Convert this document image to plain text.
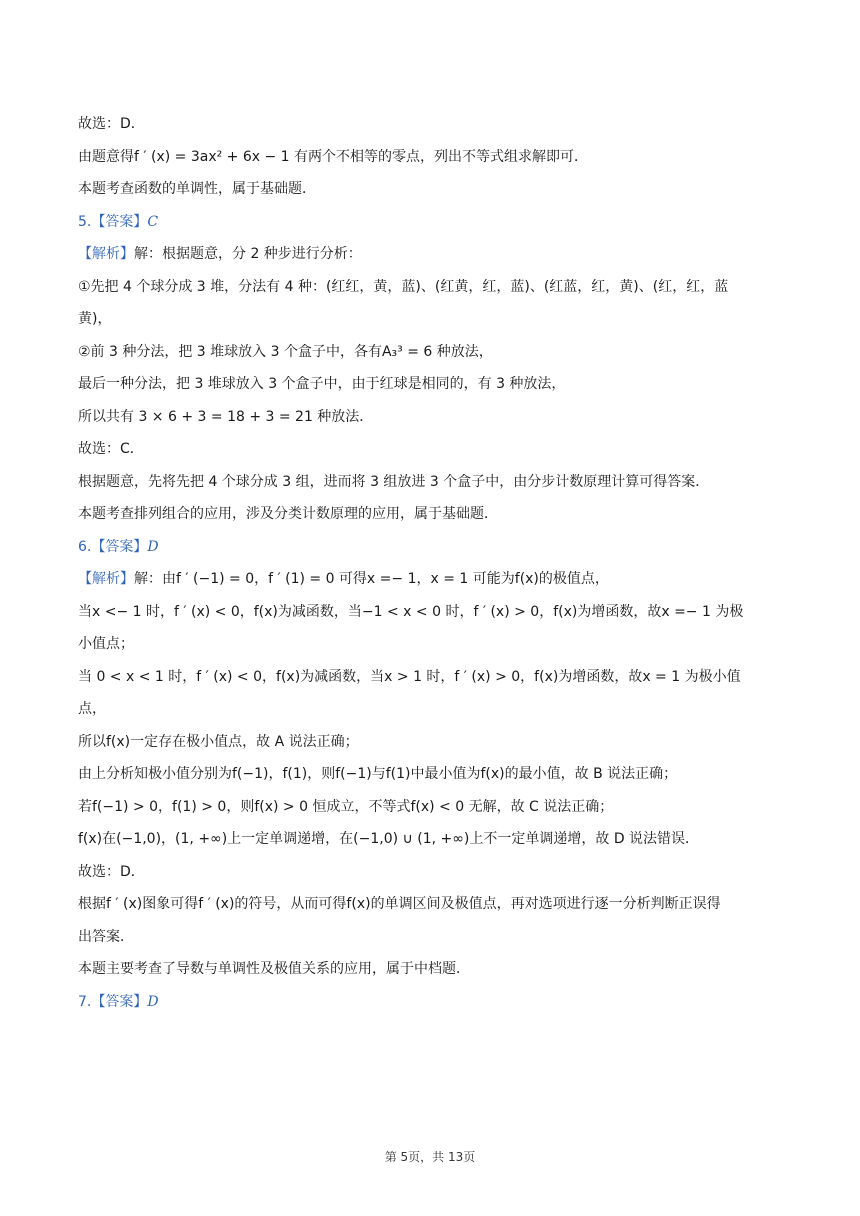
故选：D．
由题意得f ′ (x) = 3ax² + 6x − 1 有两个不相等的零点，列出不等式组求解即可．
本题考查函数的单调性，属于基础题．
5.【答案】C
【解析】解：根据题意，分 2 种步进行分析：
①先把 4 个球分成 3 堆，分法有 4 种：(红红，黄，蓝)、(红黄，红，蓝)、(红蓝，红，黄)、(红，红，蓝
黄)，
②前 3 种分法，把 3 堆球放入 3 个盒子中，各有A₃³ = 6 种放法，
最后一种分法，把 3 堆球放入 3 个盒子中，由于红球是相同的，有 3 种放法，
所以共有 3 × 6 + 3 = 18 + 3 = 21 种放法．
故选：C．
根据题意，先将先把 4 个球分成 3 组，进而将 3 组放进 3 个盒子中，由分步计数原理计算可得答案．
本题考查排列组合的应用，涉及分类计数原理的应用，属于基础题．
6.【答案】D
【解析】解：由f ′ (−1) = 0，f ′ (1) = 0 可得x =− 1，x = 1 可能为f(x)的极值点，
当x <− 1 时，f ′ (x) < 0，f(x)为减函数，当−1 < x < 0 时，f ′ (x) > 0，f(x)为增函数，故x =− 1 为极
小值点；
当 0 < x < 1 时，f ′ (x) < 0，f(x)为减函数，当x > 1 时，f ′ (x) > 0，f(x)为增函数，故x = 1 为极小值
点，
所以f(x)一定存在极小值点，故 A 说法正确；
由上分析知极小值分别为f(−1)，f(1)，则f(−1)与f(1)中最小值为f(x)的最小值，故 B 说法正确；
若f(−1) > 0，f(1) > 0，则f(x) > 0 恒成立，不等式f(x) < 0 无解，故 C 说法正确；
f(x)在(−1,0)，(1, +∞)上一定单调递增，在(−1,0) ∪ (1, +∞)上不一定单调递增，故 D 说法错误．
故选：D．
根据f ′ (x)图象可得f ′ (x)的符号，从而可得f(x)的单调区间及极值点，再对选项进行逐一分析判断正误得
出答案．
本题主要考查了导数与单调性及极值关系的应用，属于中档题．
7.【答案】D
第 5页，共 13页
